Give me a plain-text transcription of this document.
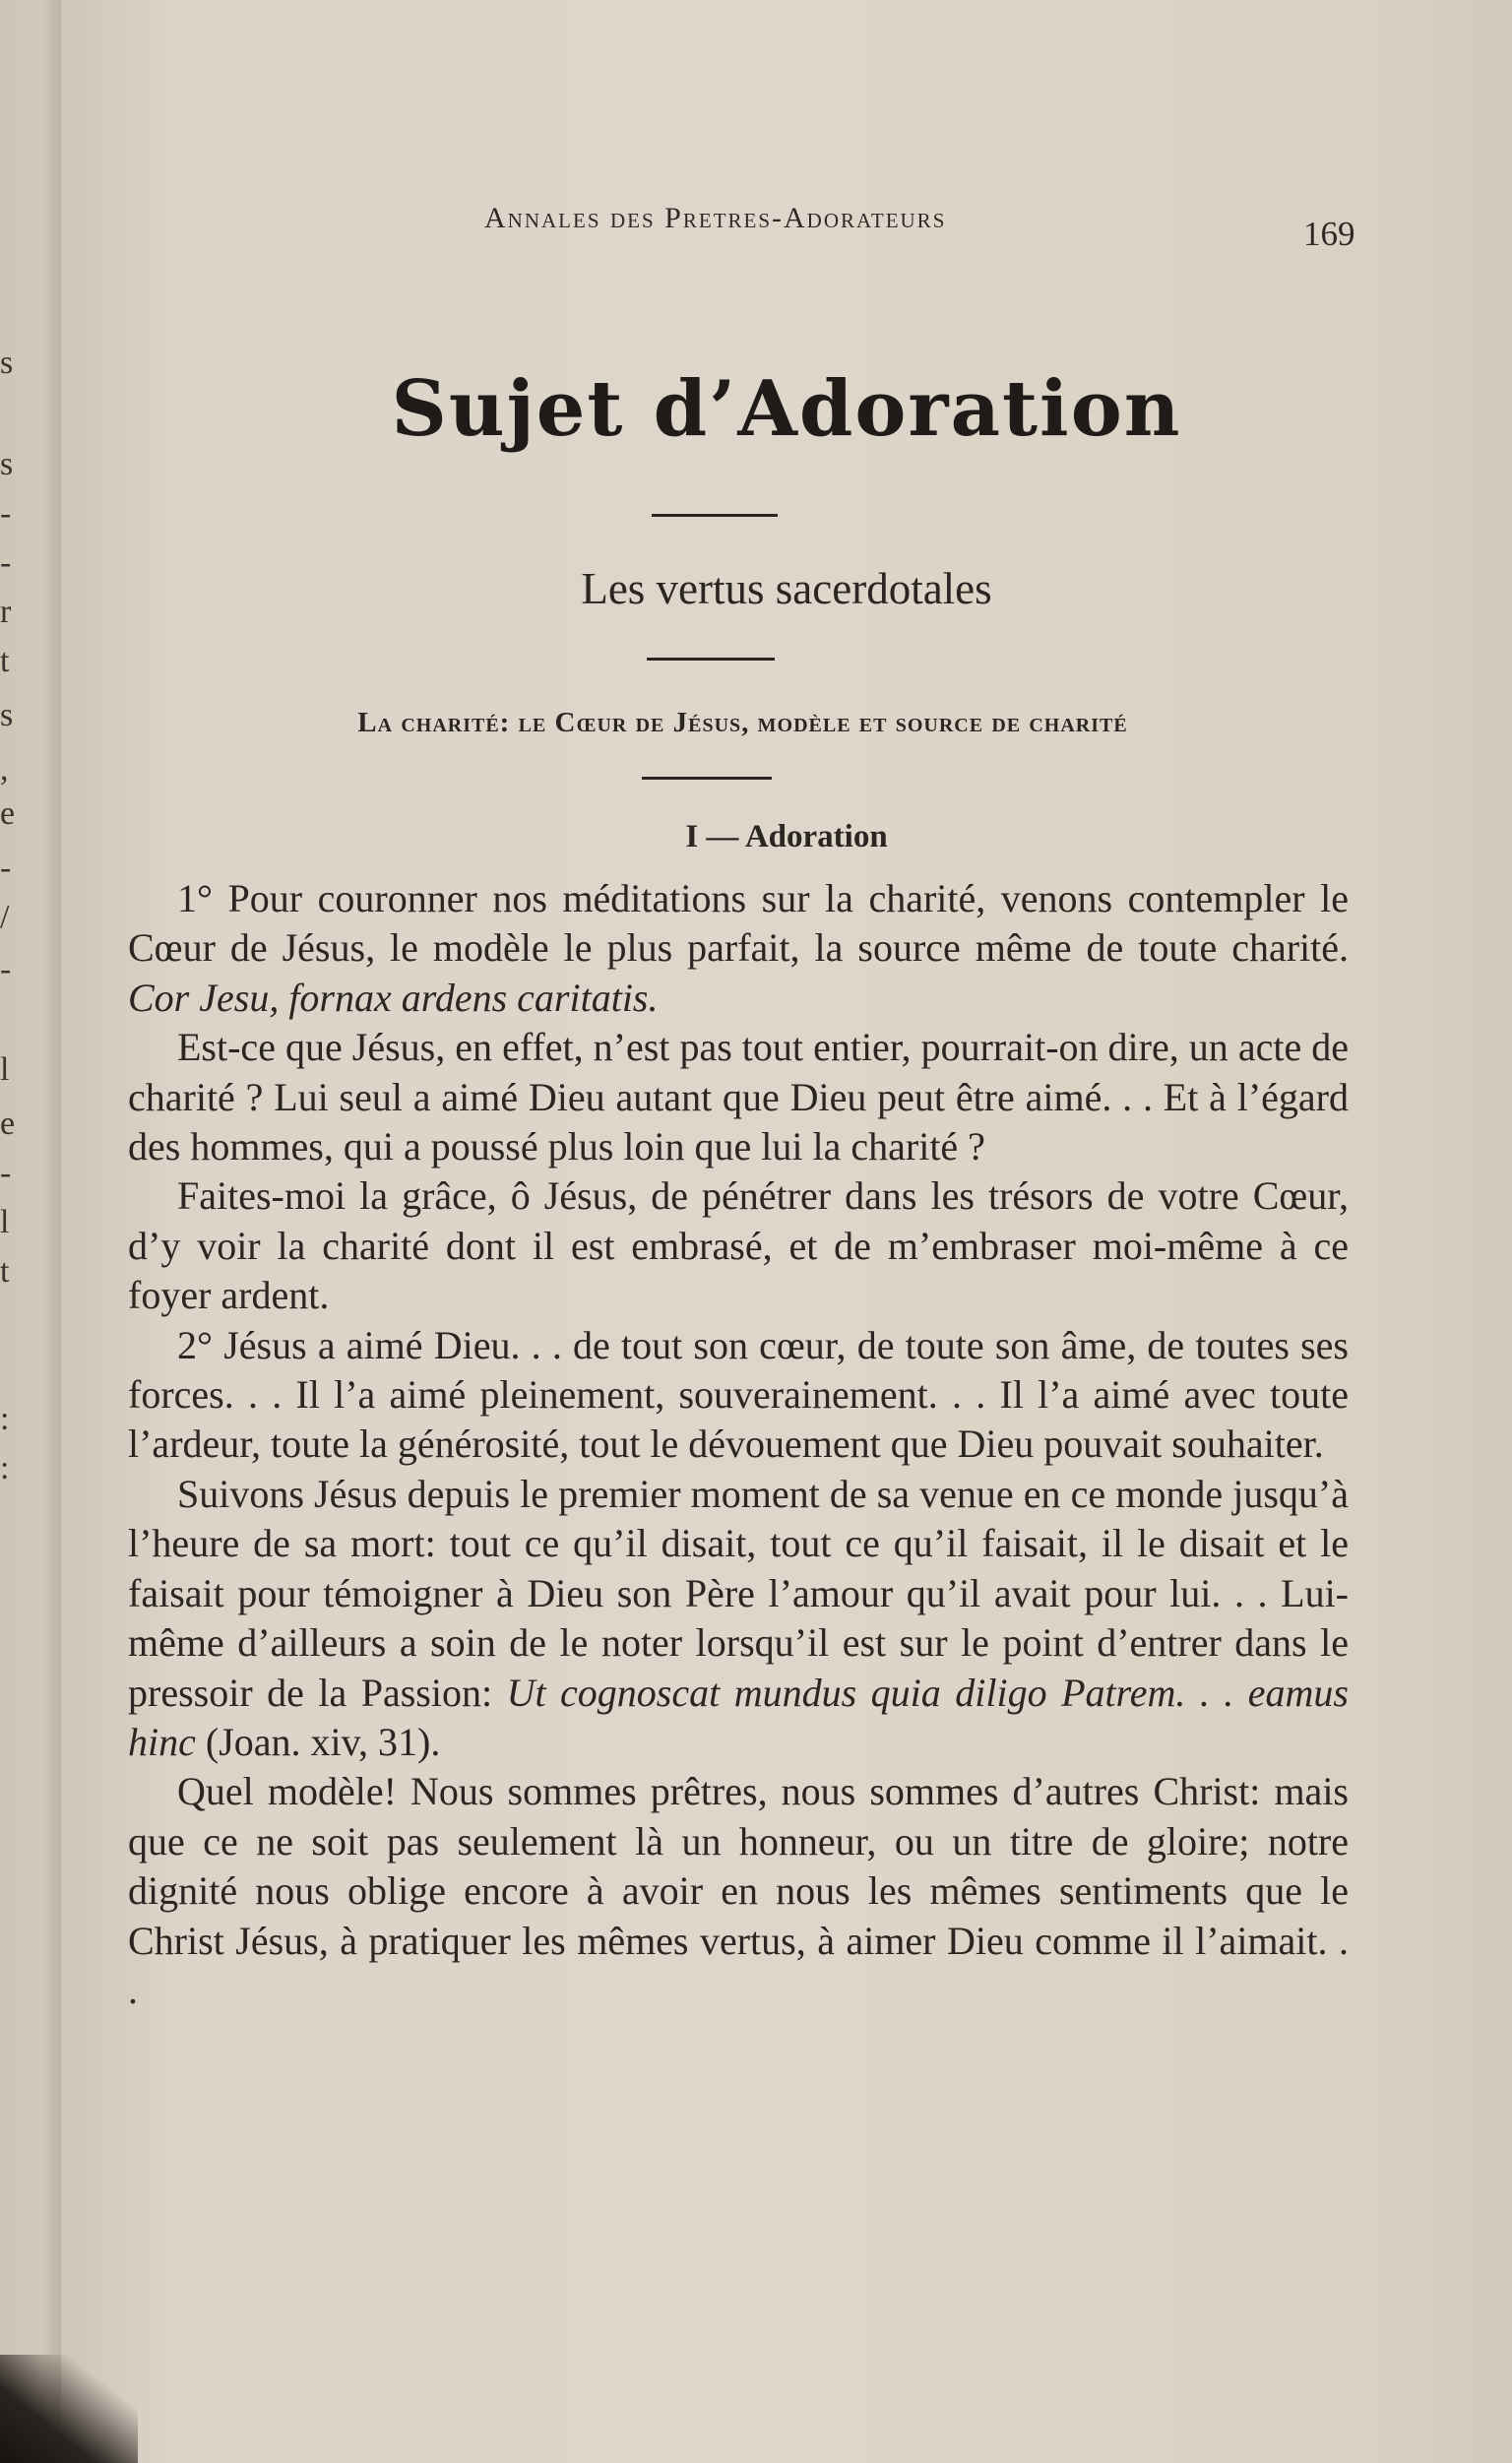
s
s
-
-
r
t
s
,
e
-
/
-
l
e
-
l
t
:
:
Annales des Pretres-Adorateurs	169
Sujet d’Adoration
Les vertus sacerdotales
La charité: le Cœur de Jésus, modèle et source de charité
I — Adoration

1° Pour couronner nos méditations sur la charité, venons contempler le Cœur de Jésus, le modèle le plus parfait, la source même de toute charité. Cor Jesu, fornax ardens caritatis.

Est-ce que Jésus, en effet, n’est pas tout entier, pourrait-on dire, un acte de charité ? Lui seul a aimé Dieu autant que Dieu peut être aimé. . . Et à l’égard des hommes, qui a poussé plus loin que lui la charité ?

Faites-moi la grâce, ô Jésus, de pénétrer dans les trésors de votre Cœur, d’y voir la charité dont il est embrasé, et de m’embraser moi-même à ce foyer ardent.

2° Jésus a aimé Dieu. . . de tout son cœur, de toute son âme, de toutes ses forces. . . Il l’a aimé pleinement, souverainement. . . Il l’a aimé avec toute l’ardeur, toute la générosité, tout le dévouement que Dieu pouvait souhaiter.

Suivons Jésus depuis le premier moment de sa venue en ce monde jusqu’à l’heure de sa mort: tout ce qu’il disait, tout ce qu’il faisait, il le disait et le faisait pour témoigner à Dieu son Père l’amour qu’il avait pour lui. . . Lui-même d’ailleurs a soin de le noter lorsqu’il est sur le point d’entrer dans le pressoir de la Passion: Ut cognoscat mundus quia diligo Patrem. . . eamus hinc (Joan. xiv, 31).

Quel modèle! Nous sommes prêtres, nous sommes d’autres Christ: mais que ce ne soit pas seulement là un honneur, ou un titre de gloire; notre dignité nous oblige encore à avoir en nous les mêmes sentiments que le Christ Jésus, à pratiquer les mêmes vertus, à aimer Dieu comme il l’aimait. . .
